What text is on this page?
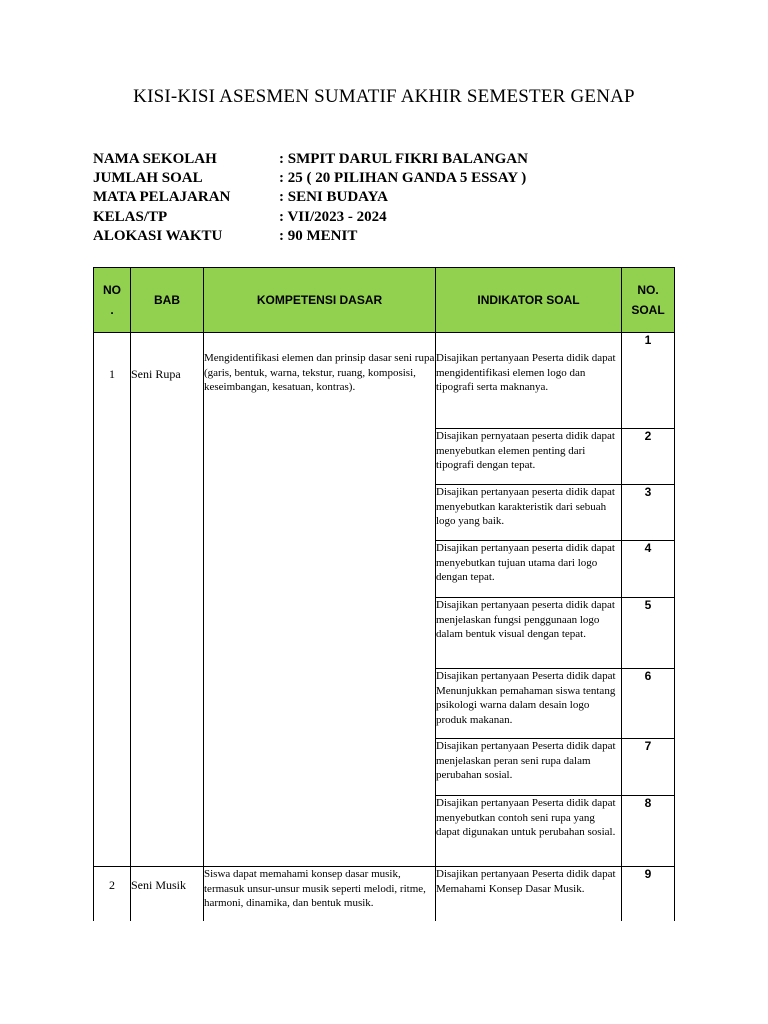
KISI-KISI ASESMEN SUMATIF AKHIR SEMESTER GENAP
NAMA SEKOLAH	: SMPIT DARUL FIKRI BALANGAN
JUMLAH SOAL	: 25 ( 20 PILIHAN GANDA 5 ESSAY )
MATA PELAJARAN	: SENI BUDAYA
KELAS/TP	: VII/2023 - 2024
ALOKASI WAKTU	: 90 MENIT
NO .	BAB	KOMPETENSI DASAR	INDIKATOR SOAL	NO. SOAL
1	Seni Rupa	Mengidentifikasi elemen dan prinsip dasar seni rupa (garis, bentuk, warna, tekstur, ruang, komposisi, keseimbangan, kesatuan, kontras).	Disajikan pertanyaan Peserta didik dapat mengidentifikasi elemen logo dan tipografi serta maknanya.	1
			Disajikan pernyataan peserta didik dapat menyebutkan elemen penting dari tipografi dengan tepat.	2
			Disajikan pertanyaan peserta didik dapat menyebutkan karakteristik dari sebuah logo yang baik.	3
			Disajikan pertanyaan peserta didik dapat menyebutkan tujuan utama dari logo dengan tepat.	4
			Disajikan pertanyaan peserta didik dapat menjelaskan fungsi penggunaan logo dalam bentuk visual dengan tepat.	5
			Disajikan pertanyaan Peserta didik dapat Menunjukkan pemahaman siswa tentang psikologi warna dalam desain logo produk makanan.	6
			Disajikan pertanyaan Peserta didik dapat menjelaskan peran seni rupa dalam perubahan sosial.	7
			Disajikan pertanyaan Peserta didik dapat menyebutkan contoh seni rupa yang dapat digunakan untuk perubahan sosial.	8
2	Seni Musik	Siswa dapat memahami konsep dasar musik, termasuk unsur-unsur musik seperti melodi, ritme, harmoni, dinamika, dan bentuk musik.	Disajikan pertanyaan Peserta didik dapat Memahami Konsep Dasar Musik.	9
